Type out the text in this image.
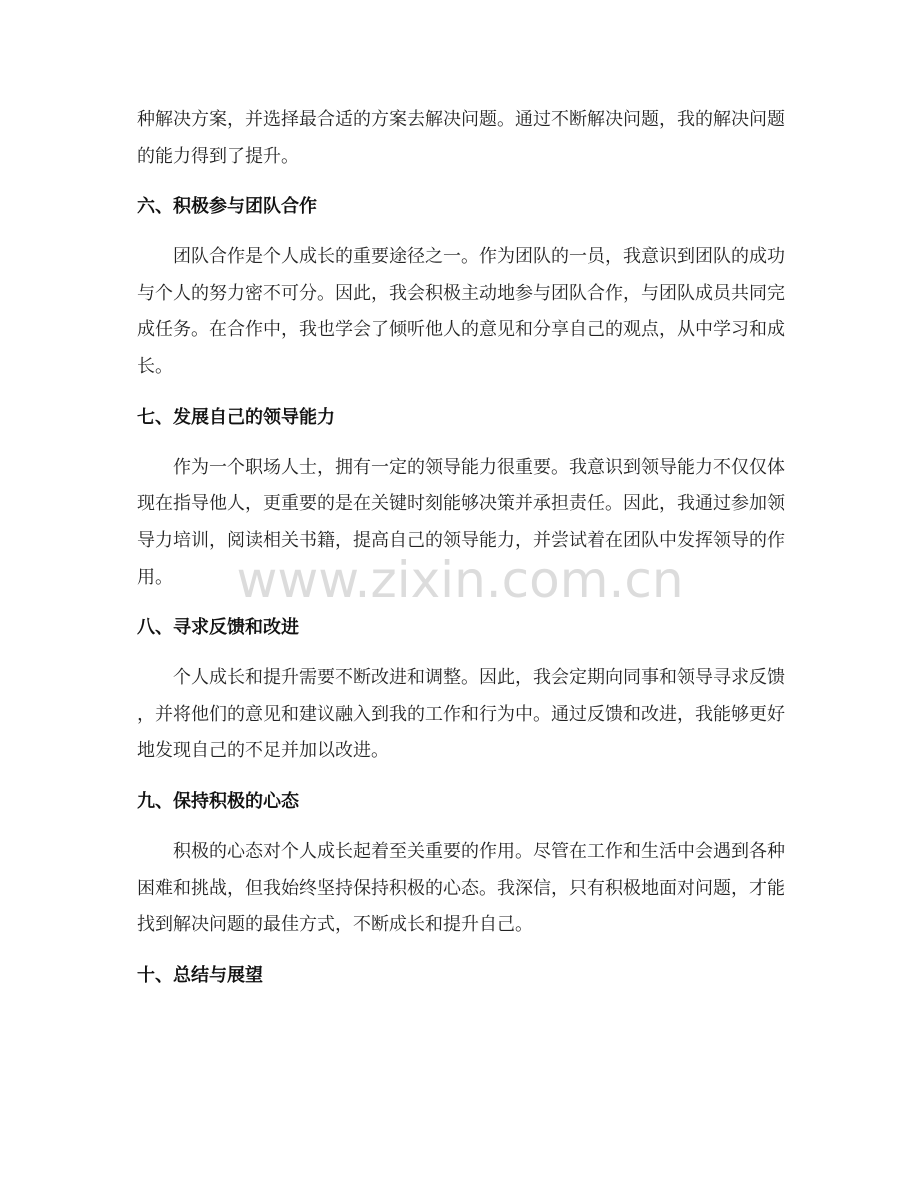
www.zixin.com.cn
种解决方案，并选择最合适的方案去解决问题。通过不断解决问题，我的解决问题
的能力得到了提升。
六、积极参与团队合作
团队合作是个人成长的重要途径之一。作为团队的一员，我意识到团队的成功
与个人的努力密不可分。因此，我会积极主动地参与团队合作，与团队成员共同完
成任务。在合作中，我也学会了倾听他人的意见和分享自己的观点，从中学习和成
长。
七、发展自己的领导能力
作为一个职场人士，拥有一定的领导能力很重要。我意识到领导能力不仅仅体
现在指导他人，更重要的是在关键时刻能够决策并承担责任。因此，我通过参加领
导力培训，阅读相关书籍，提高自己的领导能力，并尝试着在团队中发挥领导的作
用。
八、寻求反馈和改进
个人成长和提升需要不断改进和调整。因此，我会定期向同事和领导寻求反馈
，并将他们的意见和建议融入到我的工作和行为中。通过反馈和改进，我能够更好
地发现自己的不足并加以改进。
九、保持积极的心态
积极的心态对个人成长起着至关重要的作用。尽管在工作和生活中会遇到各种
困难和挑战，但我始终坚持保持积极的心态。我深信，只有积极地面对问题，才能
找到解决问题的最佳方式，不断成长和提升自己。
十、总结与展望
